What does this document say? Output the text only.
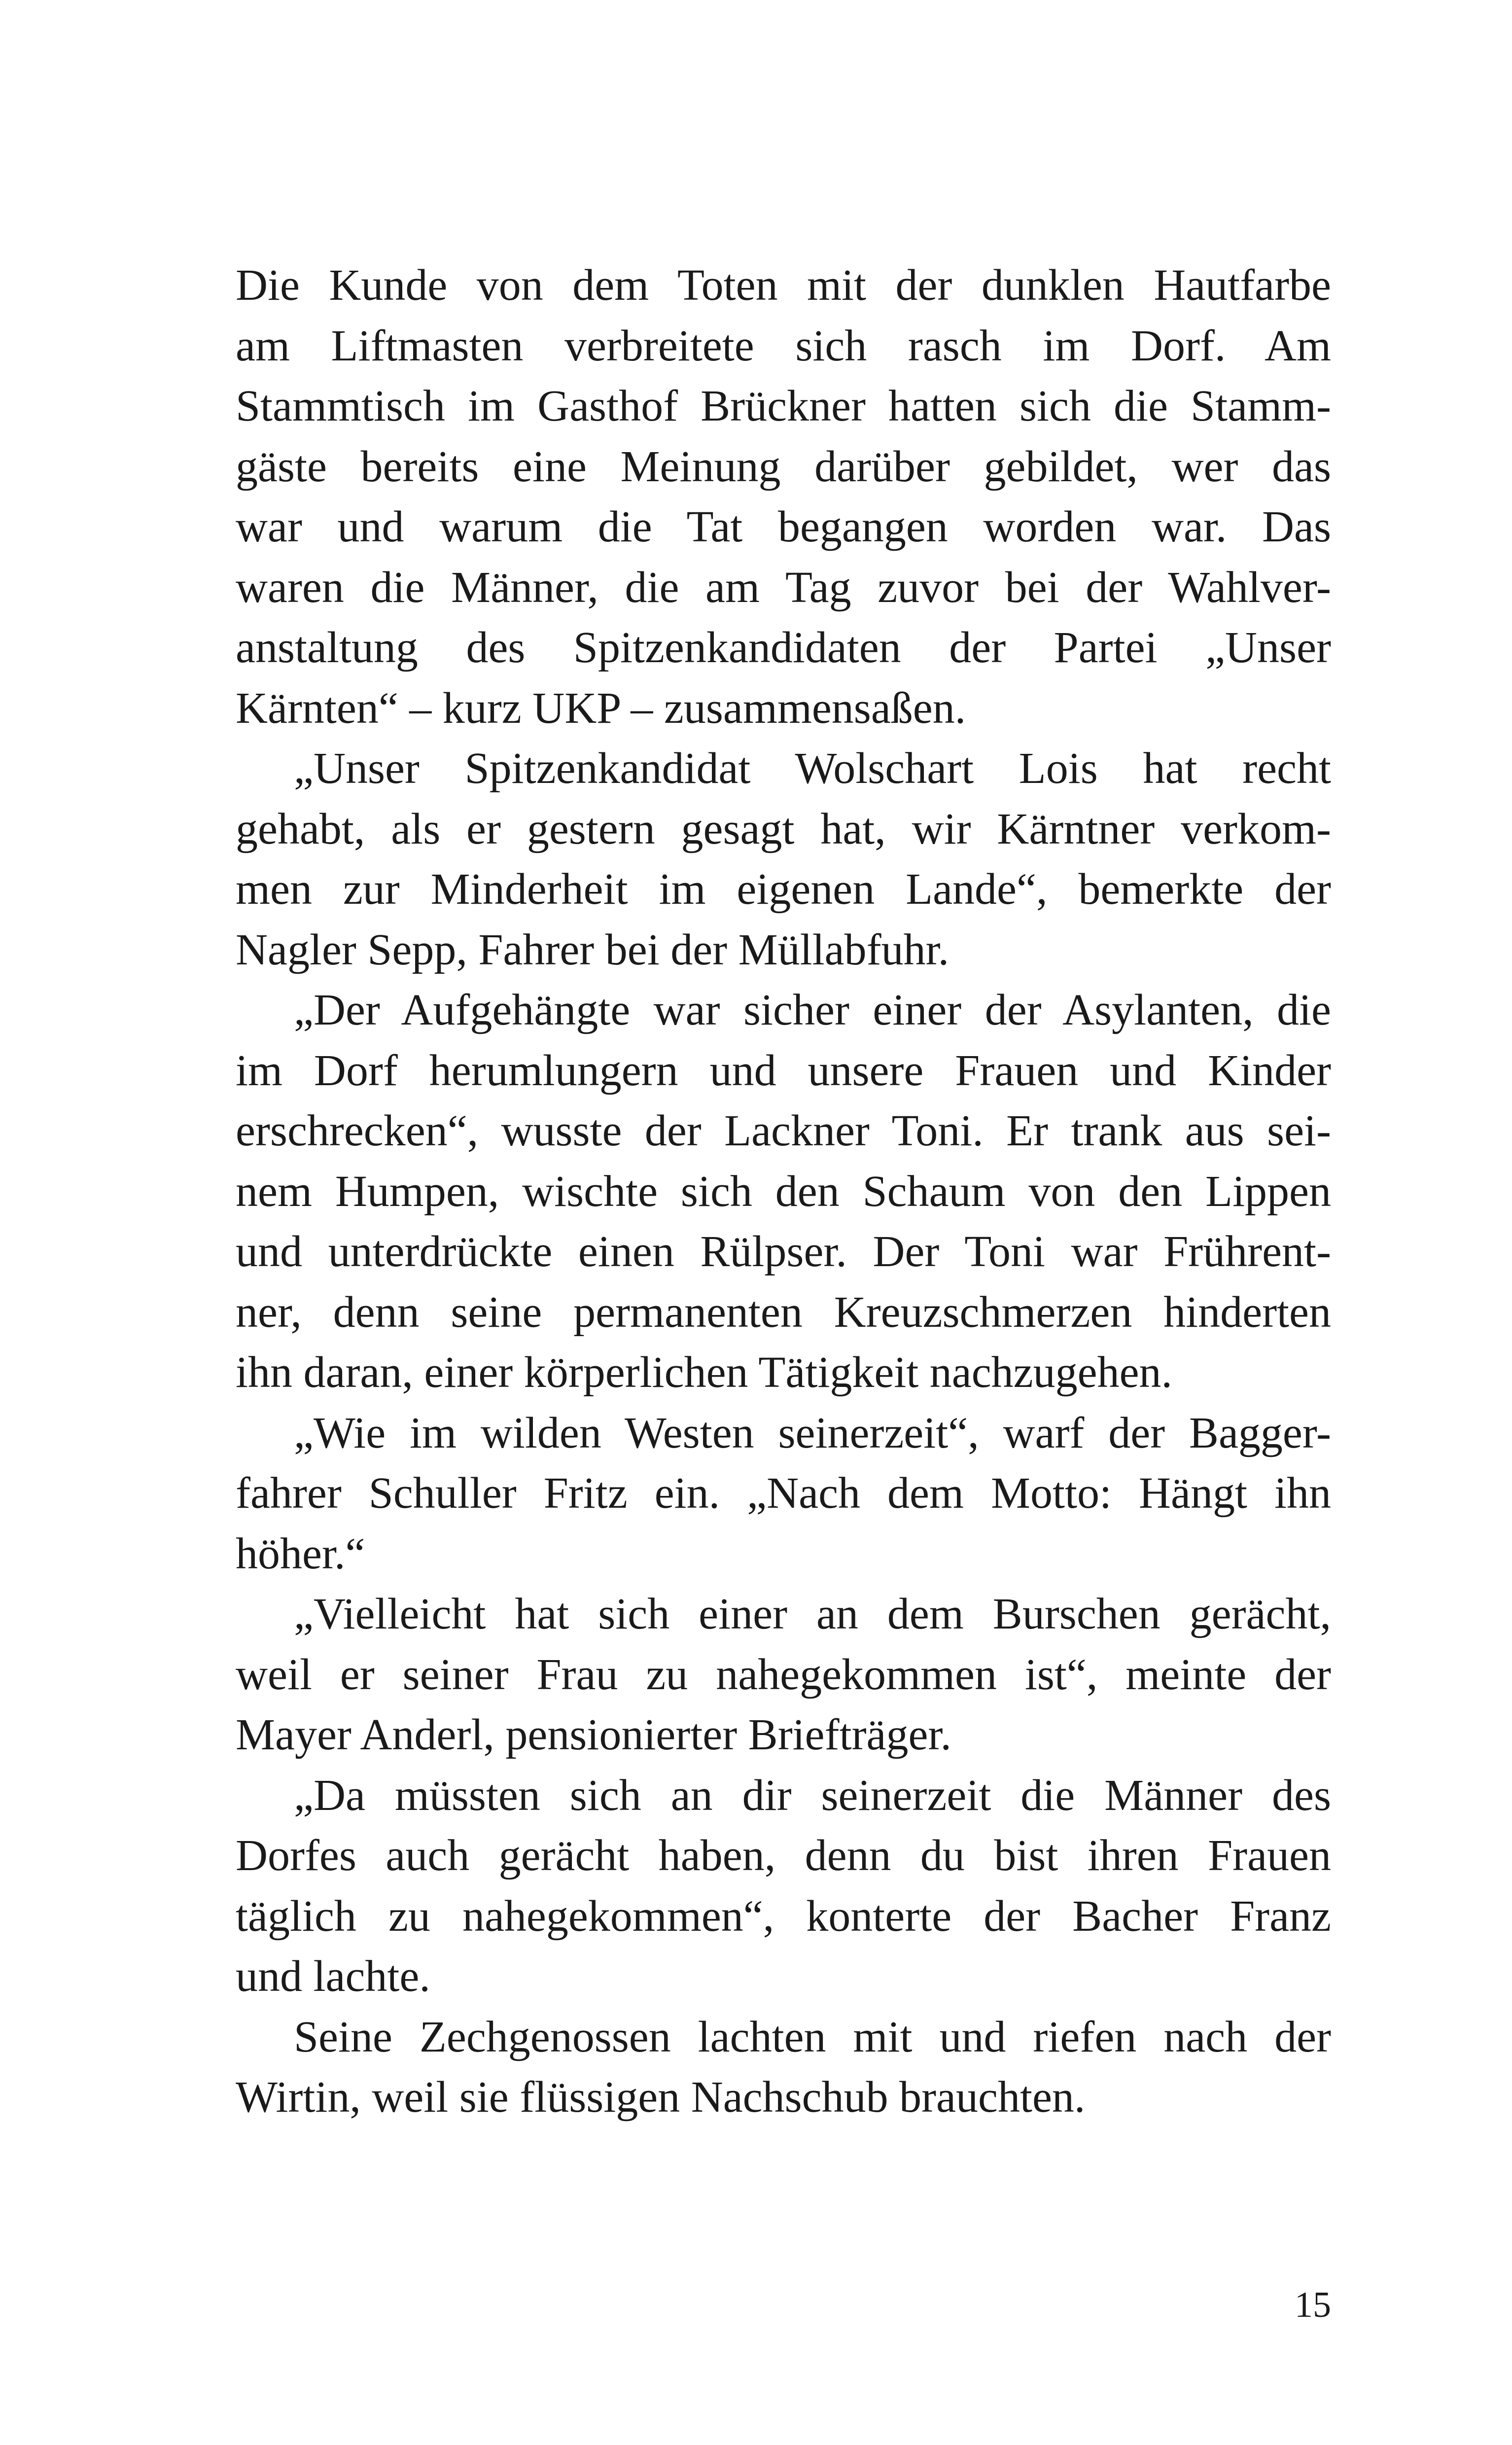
Die Kunde von dem Toten mit der dunklen Hautfarbe
am Liftmasten verbreitete sich rasch im Dorf. Am
Stammtisch im Gasthof Brückner hatten sich die Stamm-
gäste bereits eine Meinung darüber gebildet, wer das
war und warum die Tat begangen worden war. Das
waren die Männer, die am Tag zuvor bei der Wahlver-
anstaltung des Spitzenkandidaten der Partei „Unser
Kärnten“ – kurz UKP – zusammensaßen.
„Unser Spitzenkandidat Wolschart Lois hat recht
gehabt, als er gestern gesagt hat, wir Kärntner verkom-
men zur Minderheit im eigenen Lande“, bemerkte der
Nagler Sepp, Fahrer bei der Müllabfuhr.
„Der Aufgehängte war sicher einer der Asylanten, die
im Dorf herumlungern und unsere Frauen und Kinder
erschrecken“, wusste der Lackner Toni. Er trank aus sei-
nem Humpen, wischte sich den Schaum von den Lippen
und unterdrückte einen Rülpser. Der Toni war Frührent-
ner, denn seine permanenten Kreuzschmerzen hinderten
ihn daran, einer körperlichen Tätigkeit nachzugehen.
„Wie im wilden Westen seinerzeit“, warf der Bagger-
fahrer Schuller Fritz ein. „Nach dem Motto: Hängt ihn
höher.“
„Vielleicht hat sich einer an dem Burschen gerächt,
weil er seiner Frau zu nahegekommen ist“, meinte der
Mayer Anderl, pensionierter Briefträger.
„Da müssten sich an dir seinerzeit die Männer des
Dorfes auch gerächt haben, denn du bist ihren Frauen
täglich zu nahegekommen“, konterte der Bacher Franz
und lachte.
Seine Zechgenossen lachten mit und riefen nach der
Wirtin, weil sie flüssigen Nachschub brauchten.
15
